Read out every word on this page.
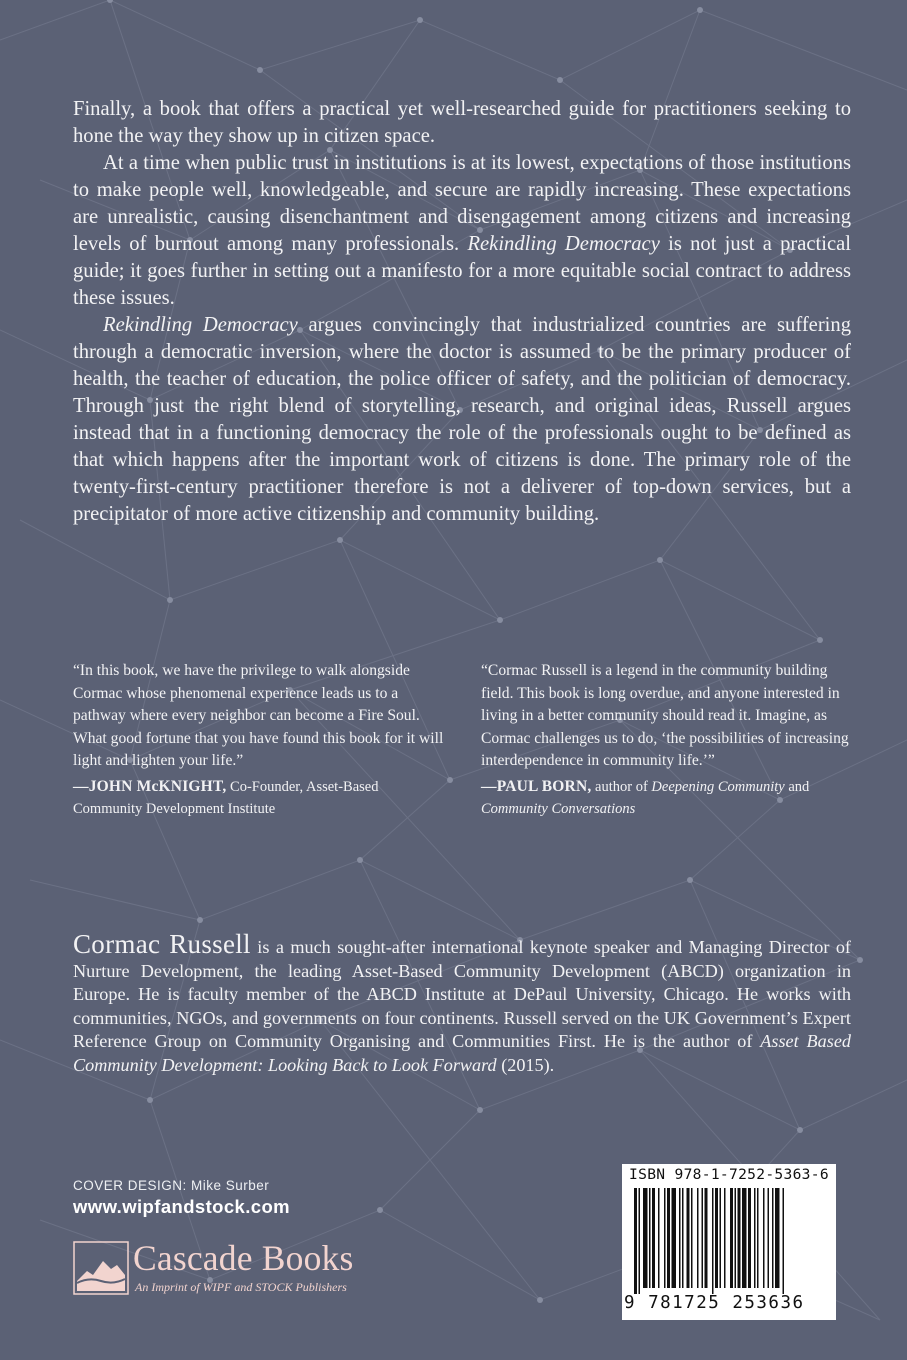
Finally, a book that offers a practical yet well-researched guide for practitioners seeking to hone the way they show up in citizen space.

At a time when public trust in institutions is at its lowest, expectations of those institutions to make people well, knowledgeable, and secure are rapidly increasing. These expectations are unrealistic, causing disenchantment and disengagement among citizens and increasing levels of burnout among many professionals. Rekindling Democracy is not just a practical guide; it goes further in setting out a manifesto for a more equitable social contract to address these issues.

Rekindling Democracy argues convincingly that industrialized countries are suffering through a democratic inversion, where the doctor is assumed to be the primary producer of health, the teacher of education, the police officer of safety, and the politician of democracy. Through just the right blend of storytelling, research, and original ideas, Russell argues instead that in a functioning democracy the role of the professionals ought to be defined as that which happens after the important work of citizens is done. The primary role of the twenty-first-century practitioner therefore is not a deliverer of top-down services, but a precipitator of more active citizenship and community building.

“In this book, we have the privilege to walk alongside Cormac whose phenomenal experience leads us to a pathway where every neighbor can become a Fire Soul. What good fortune that you have found this book for it will light and lighten your life.”

—JOHN McKNIGHT, Co-Founder, Asset-Based Community Development Institute

“Cormac Russell is a legend in the community building field. This book is long overdue, and anyone interested in living in a better community should read it. Imagine, as Cormac challenges us to do, ‘the possibilities of increasing interdependence in community life.’”

—PAUL BORN, author of Deepening Community and Community Conversations

Cormac Russell is a much sought-after international keynote speaker and Managing Director of Nurture Development, the leading Asset-Based Community Development (ABCD) organization in Europe. He is faculty member of the ABCD Institute at DePaul University, Chicago. He works with communities, NGOs, and governments on four continents. Russell served on the UK Government’s Expert Reference Group on Community Organising and Communities First. He is the author of Asset Based Community Development: Looking Back to Look Forward (2015).

COVER DESIGN: Mike Surber
www.wipfandstock.com
Cascade Books
An Imprint of WIPF and STOCK Publishers
ISBN 978-1-7252-5363-6
9 781725 253636
